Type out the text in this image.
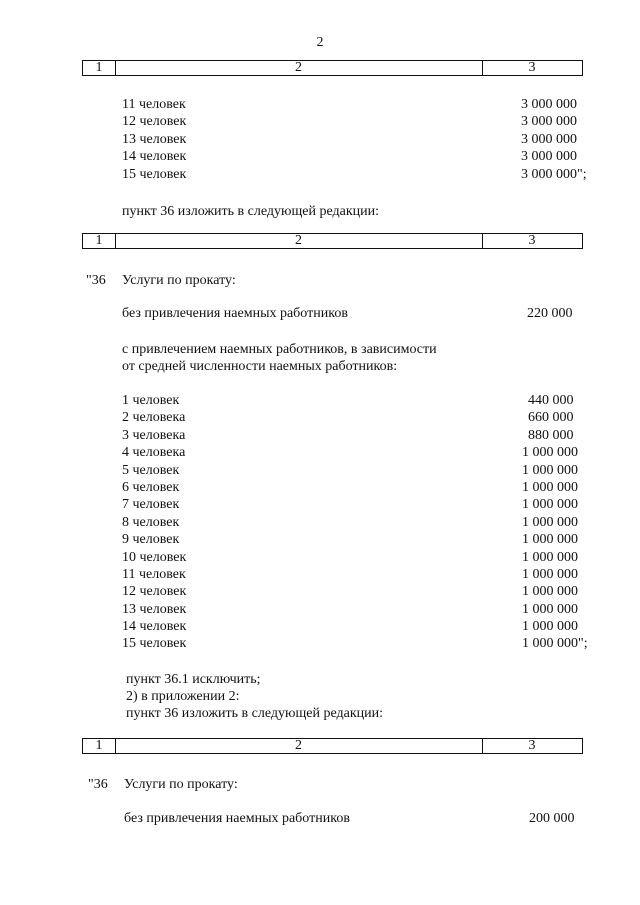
2
1	2	3
11 человек	3 000 000
12 человек	3 000 000
13 человек	3 000 000
14 человек	3 000 000
15 человек	3 000 000";
пункт 36 изложить в следующей редакции:
1	2	3
"36 Услуги по прокату:
без привлечения наемных работников	220 000
с привлечением наемных работников, в зависимости
от средней численности наемных работников:
1 человек	440 000
2 человека	660 000
3 человека	880 000
4 человека	1 000 000
5 человек	1 000 000
6 человек	1 000 000
7 человек	1 000 000
8 человек	1 000 000
9 человек	1 000 000
10 человек	1 000 000
11 человек	1 000 000
12 человек	1 000 000
13 человек	1 000 000
14 человек	1 000 000
15 человек	1 000 000";
пункт 36.1 исключить;
2) в приложении 2:
пункт 36 изложить в следующей редакции:
1	2	3
"36 Услуги по прокату:
без привлечения наемных работников	200 000
